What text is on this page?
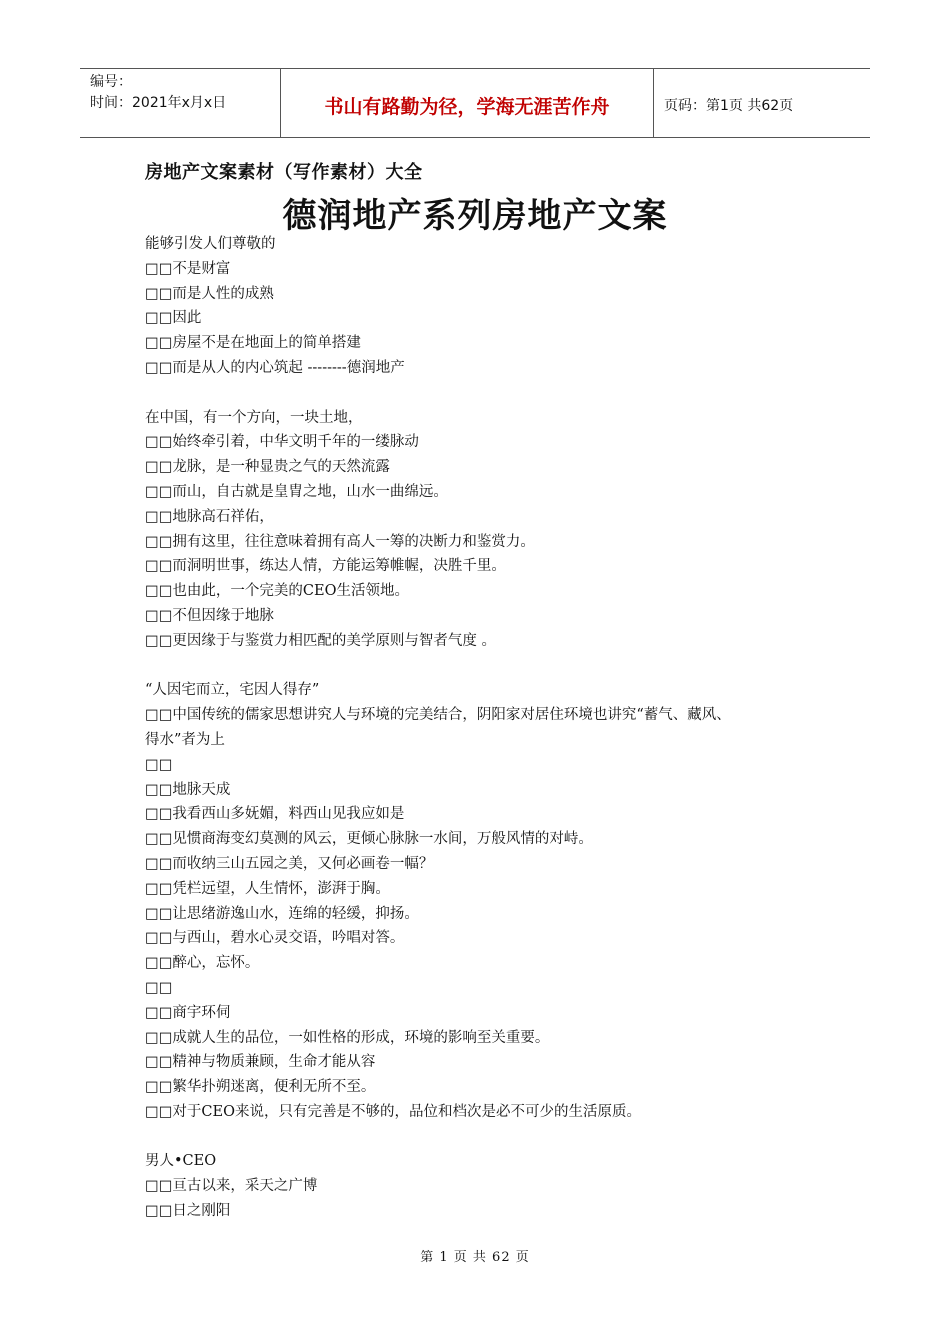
编号：
时间：2021年x月x日	书山有路勤为径，学海无涯苦作舟	页码：第1页 共62页
房地产文案素材（写作素材）大全
德润地产系列房地产文案
能够引发人们尊敬的
□□不是财富
□□而是人性的成熟
□□因此
□□房屋不是在地面上的简单搭建
□□而是从人的内心筑起 --------德润地产
在中国，有一个方向，一块土地，
□□始终牵引着，中华文明千年的一缕脉动
□□龙脉，是一种显贵之气的天然流露
□□而山，自古就是皇胄之地，山水一曲绵远。
□□地脉高石祥佑，
□□拥有这里，往往意味着拥有高人一筹的决断力和鉴赏力。
□□而洞明世事，练达人情，方能运筹帷幄，决胜千里。
□□也由此，一个完美的CEO生活领地。
□□不但因缘于地脉
□□更因缘于与鉴赏力相匹配的美学原则与智者气度 。
“人因宅而立，宅因人得存”
□□中国传统的儒家思想讲究人与环境的完美结合，阴阳家对居住环境也讲究“蓄气、藏风、
得水”者为上
□□
□□地脉天成
□□我看西山多妩媚，料西山见我应如是
□□见惯商海变幻莫测的风云，更倾心脉脉一水间，万般风情的对峙。
□□而收纳三山五园之美，又何必画卷一幅？
□□凭栏远望，人生情怀，澎湃于胸。
□□让思绪游逸山水，连绵的轻缓，抑扬。
□□与西山，碧水心灵交语，吟唱对答。
□□醉心，忘怀。
□□
□□商宇环伺
□□成就人生的品位，一如性格的形成，环境的影响至关重要。
□□精神与物质兼顾，生命才能从容
□□繁华扑朔迷离，便利无所不至。
□□对于CEO来说，只有完善是不够的，品位和档次是必不可少的生活原质。
男人•CEO
□□亘古以来，采天之广博
□□日之刚阳
第 1 页 共 62 页
